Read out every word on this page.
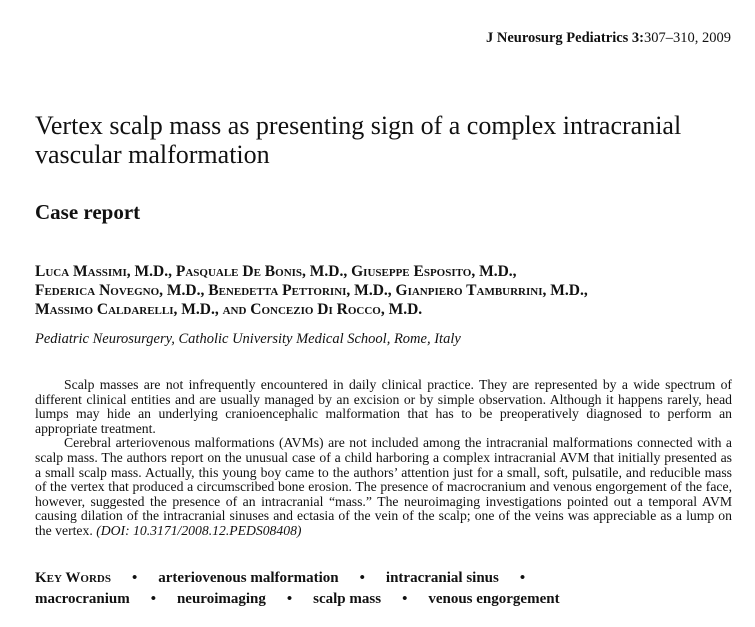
J Neurosurg Pediatrics 3:307–310, 2009
Vertex scalp mass as presenting sign of a complex intracranial vascular malformation
Case report
Luca Massimi, M.D., Pasquale De Bonis, M.D., Giuseppe Esposito, M.D.,
Federica Novegno, M.D., Benedetta Pettorini, M.D., Gianpiero Tamburrini, M.D.,
Massimo Caldarelli, M.D., and Concezio Di Rocco, M.D.

Pediatric Neurosurgery, Catholic University Medical School, Rome, Italy

Scalp masses are not infrequently encountered in daily clinical practice. They are represented by a wide spectrum of different clinical entities and are usually managed by an excision or by simple observation. Although it happens rarely, head lumps may hide an underlying cranioencephalic malformation that has to be preoperatively diagnosed to perform an appropriate treatment.

Cerebral arteriovenous malformations (AVMs) are not included among the intracranial malformations connected with a scalp mass. The authors report on the unusual case of a child harboring a complex intracranial AVM that initially presented as a small scalp mass. Actually, this young boy came to the authors’ attention just for a small, soft, pulsatile, and reducible mass of the vertex that produced a circumscribed bone erosion. The presence of macrocranium and venous engorgement of the face, however, suggested the presence of an intracranial “mass.” The neuroimaging investigations pointed out a temporal AVM causing dilation of the intracranial sinuses and ectasia of the vein of the scalp; one of the veins was appreciable as a lump on the vertex. (DOI: 10.3171/2008.12.PEDS08408)

Key Words • arteriovenous malformation • intracranial sinus •
macrocranium • neuroimaging • scalp mass • venous engorgement
